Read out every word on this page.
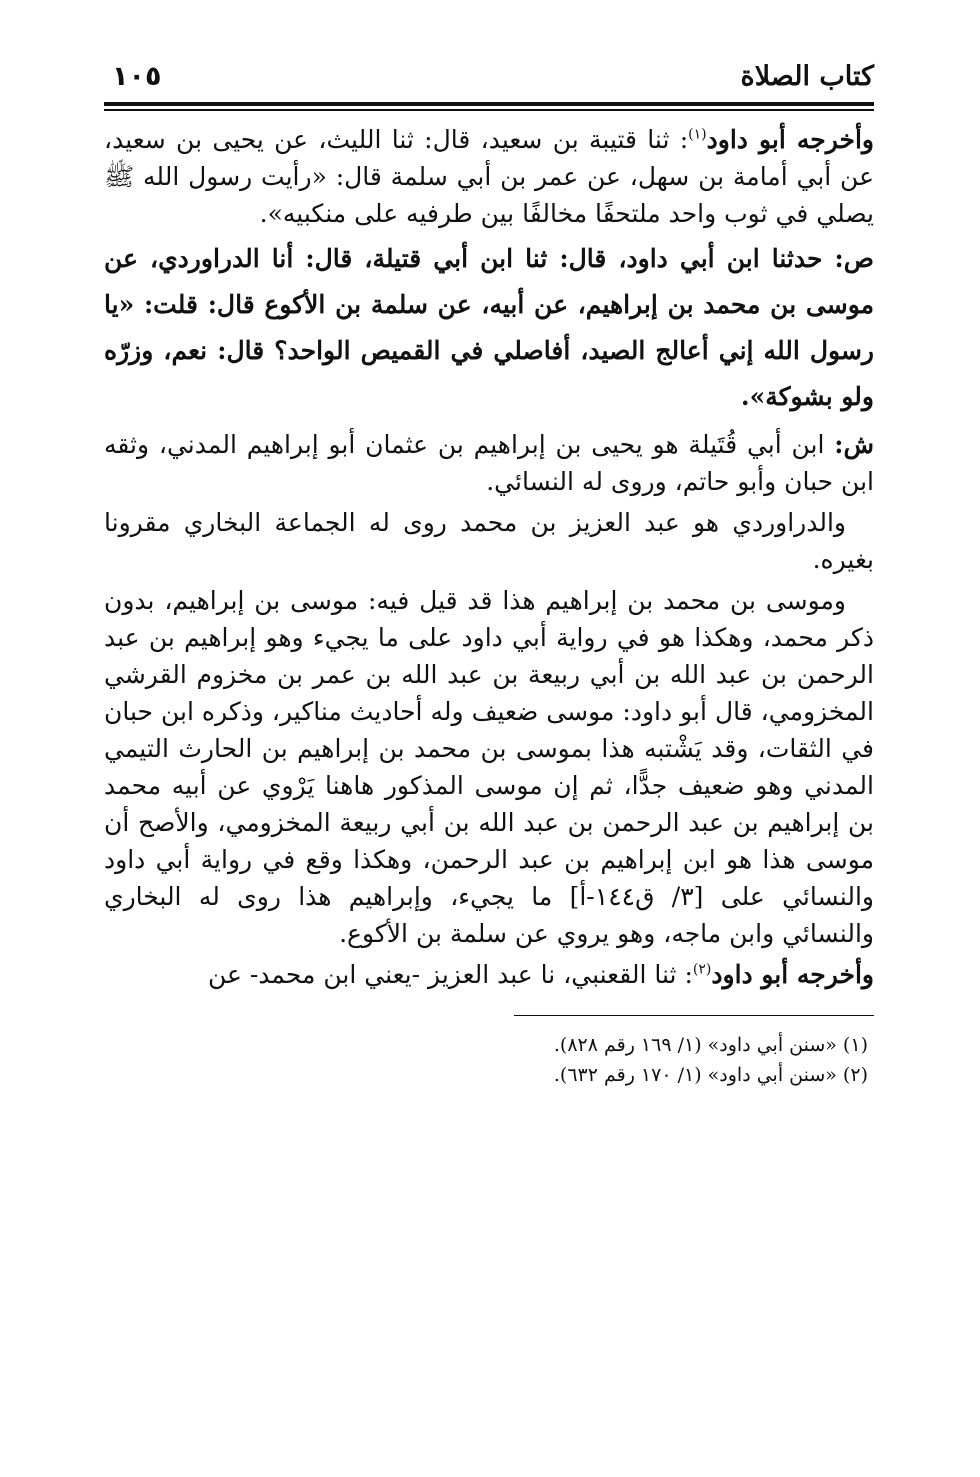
كتاب الصلاة
١٠٥

وأخرجه أبو داود$^{(١)}$: ثنا قتيبة بن سعيد، قال: ثنا الليث، عن يحيى بن سعيد، عن أبي أمامة بن سهل، عن عمر بن أبي سلمة قال: «رأيت رسول الله ﷺ يصلي في ثوب واحد ملتحفًا مخالفًا بين طرفيه على منكبيه».

ص: حدثنا ابن أبي داود، قال: ثنا ابن أبي قتيلة، قال: أنا الدراوردي، عن موسى بن محمد بن إبراهيم، عن أبيه، عن سلمة بن الأكوع قال: قلت: «يا رسول الله إني أعالج الصيد، أفاصلي في القميص الواحد؟ قال: نعم، وزرّه ولو بشوكة».

ش: ابن أبي قُتَيلة هو يحيى بن إبراهيم بن عثمان أبو إبراهيم المدني، وثقه ابن حبان وأبو حاتم، وروى له النسائي.

والدراوردي هو عبد العزيز بن محمد روى له الجماعة البخاري مقرونا بغيره.

وموسى بن محمد بن إبراهيم هذا قد قيل فيه: موسى بن إبراهيم، بدون ذكر محمد، وهكذا هو في رواية أبي داود على ما يجيء وهو إبراهيم بن عبد الرحمن بن عبد الله بن أبي ربيعة بن عبد الله بن عمر بن مخزوم القرشي المخزومي، قال أبو داود: موسى ضعيف وله أحاديث مناكير، وذكره ابن حبان في الثقات، وقد يَشْتبه هذا بموسى بن محمد بن إبراهيم بن الحارث التيمي المدني وهو ضعيف جدًّا، ثم إن موسى المذكور هاهنا يَرْوي عن أبيه محمد بن إبراهيم بن عبد الرحمن بن عبد الله بن أبي ربيعة المخزومي، والأصح أن موسى هذا هو ابن إبراهيم بن عبد الرحمن، وهكذا وقع في رواية أبي داود والنسائي على [٣/ ق١٤٤-أ] ما يجيء، وإبراهيم هذا روى له البخاري والنسائي وابن ماجه، وهو يروي عن سلمة بن الأكوع.

وأخرجه أبو داود$^{(٢)}$: ثنا القعنبي، نا عبد العزيز -يعني ابن محمد- عن

(١) «سنن أبي داود» (١/ ١٦٩ رقم ٨٢٨).

(٢) «سنن أبي داود» (١/ ١٧٠ رقم ٦٣٢).
